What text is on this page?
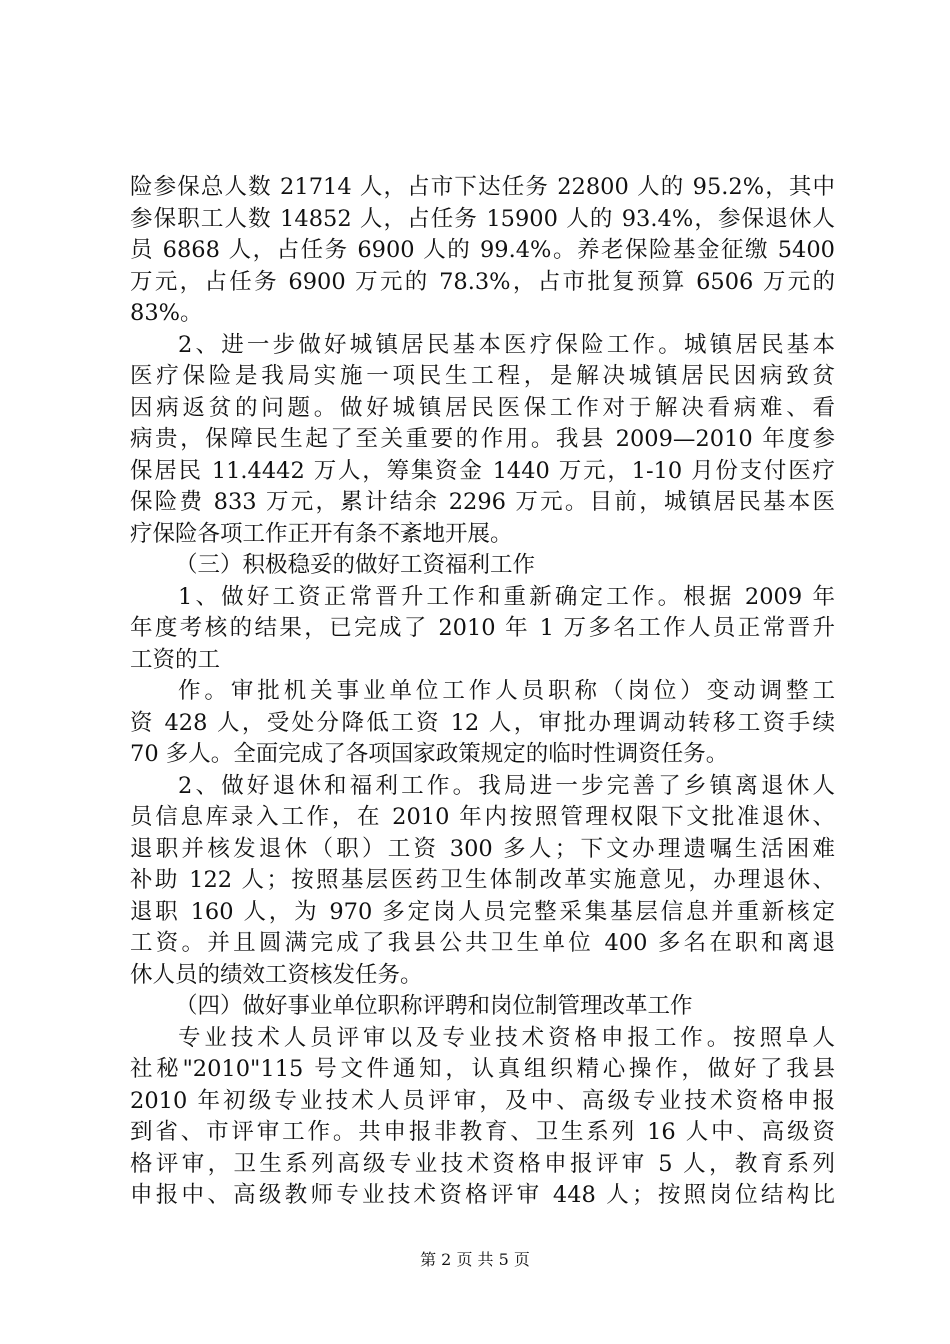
险参保总人数 21714 人，占市下达任务 22800 人的 95.2%，其中
参保职工人数 14852 人，占任务 15900 人的 93.4%，参保退休人
员 6868 人，占任务 6900 人的 99.4%。养老保险基金征缴 5400
万元，占任务 6900 万元的 78.3%，占市批复预算 6506 万元的
83%。
2、进一步做好城镇居民基本医疗保险工作。城镇居民基本
医疗保险是我局实施一项民生工程，是解决城镇居民因病致贫
因病返贫的问题。做好城镇居民医保工作对于解决看病难、看
病贵，保障民生起了至关重要的作用。我县 2009—2010 年度参
保居民 11.4442 万人，筹集资金 1440 万元，1-10 月份支付医疗
保险费 833 万元，累计结余 2296 万元。目前，城镇居民基本医
疗保险各项工作正开有条不紊地开展。
（三）积极稳妥的做好工资福利工作
1、做好工资正常晋升工作和重新确定工作。根据 2009 年
年度考核的结果，已完成了 2010 年 1 万多名工作人员正常晋升
工资的工
作。审批机关事业单位工作人员职称（岗位）变动调整工
资 428 人，受处分降低工资 12 人，审批办理调动转移工资手续
70 多人。全面完成了各项国家政策规定的临时性调资任务。
2、做好退休和福利工作。我局进一步完善了乡镇离退休人
员信息库录入工作，在 2010 年内按照管理权限下文批准退休、
退职并核发退休（职）工资 300 多人；下文办理遗嘱生活困难
补助 122 人；按照基层医药卫生体制改革实施意见，办理退休、
退职 160 人，为 970 多定岗人员完整采集基层信息并重新核定
工资。并且圆满完成了我县公共卫生单位 400 多名在职和离退
休人员的绩效工资核发任务。
（四）做好事业单位职称评聘和岗位制管理改革工作
专业技术人员评审以及专业技术资格申报工作。按照阜人
社秘"2010"115 号文件通知，认真组织精心操作，做好了我县
2010 年初级专业技术人员评审，及中、高级专业技术资格申报
到省、市评审工作。共申报非教育、卫生系列 16 人中、高级资
格评审，卫生系列高级专业技术资格申报评审 5 人，教育系列
申报中、高级教师专业技术资格评审 448 人；按照岗位结构比
第 2 页 共 5 页
